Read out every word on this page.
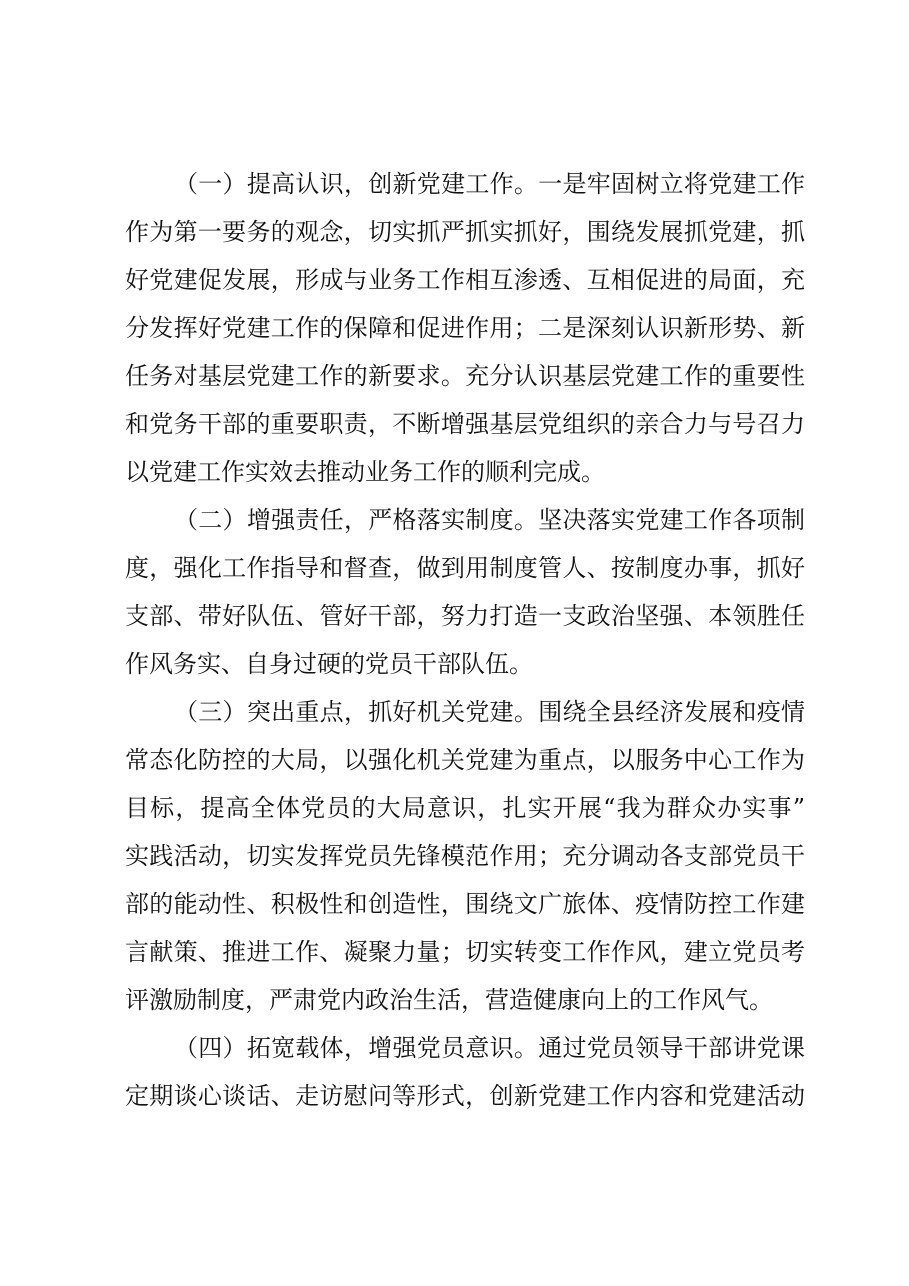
（一）提高认识，创新党建工作。一是牢固树立将党建工作
作为第一要务的观念，切实抓严抓实抓好，围绕发展抓党建，抓
好党建促发展，形成与业务工作相互渗透、互相促进的局面，充
分发挥好党建工作的保障和促进作用；二是深刻认识新形势、新
任务对基层党建工作的新要求。充分认识基层党建工作的重要性
和党务干部的重要职责，不断增强基层党组织的亲合力与号召力
以党建工作实效去推动业务工作的顺利完成。
（二）增强责任，严格落实制度。坚决落实党建工作各项制
度，强化工作指导和督查，做到用制度管人、按制度办事，抓好
支部、带好队伍、管好干部，努力打造一支政治坚强、本领胜任
作风务实、自身过硬的党员干部队伍。
（三）突出重点，抓好机关党建。围绕全县经济发展和疫情
常态化防控的大局，以强化机关党建为重点，以服务中心工作为
目标，提高全体党员的大局意识，扎实开展“我为群众办实事”
实践活动，切实发挥党员先锋模范作用；充分调动各支部党员干
部的能动性、积极性和创造性，围绕文广旅体、疫情防控工作建
言献策、推进工作、凝聚力量；切实转变工作作风，建立党员考
评激励制度，严肃党内政治生活，营造健康向上的工作风气。
（四）拓宽载体，增强党员意识。通过党员领导干部讲党课
定期谈心谈话、走访慰问等形式，创新党建工作内容和党建活动
